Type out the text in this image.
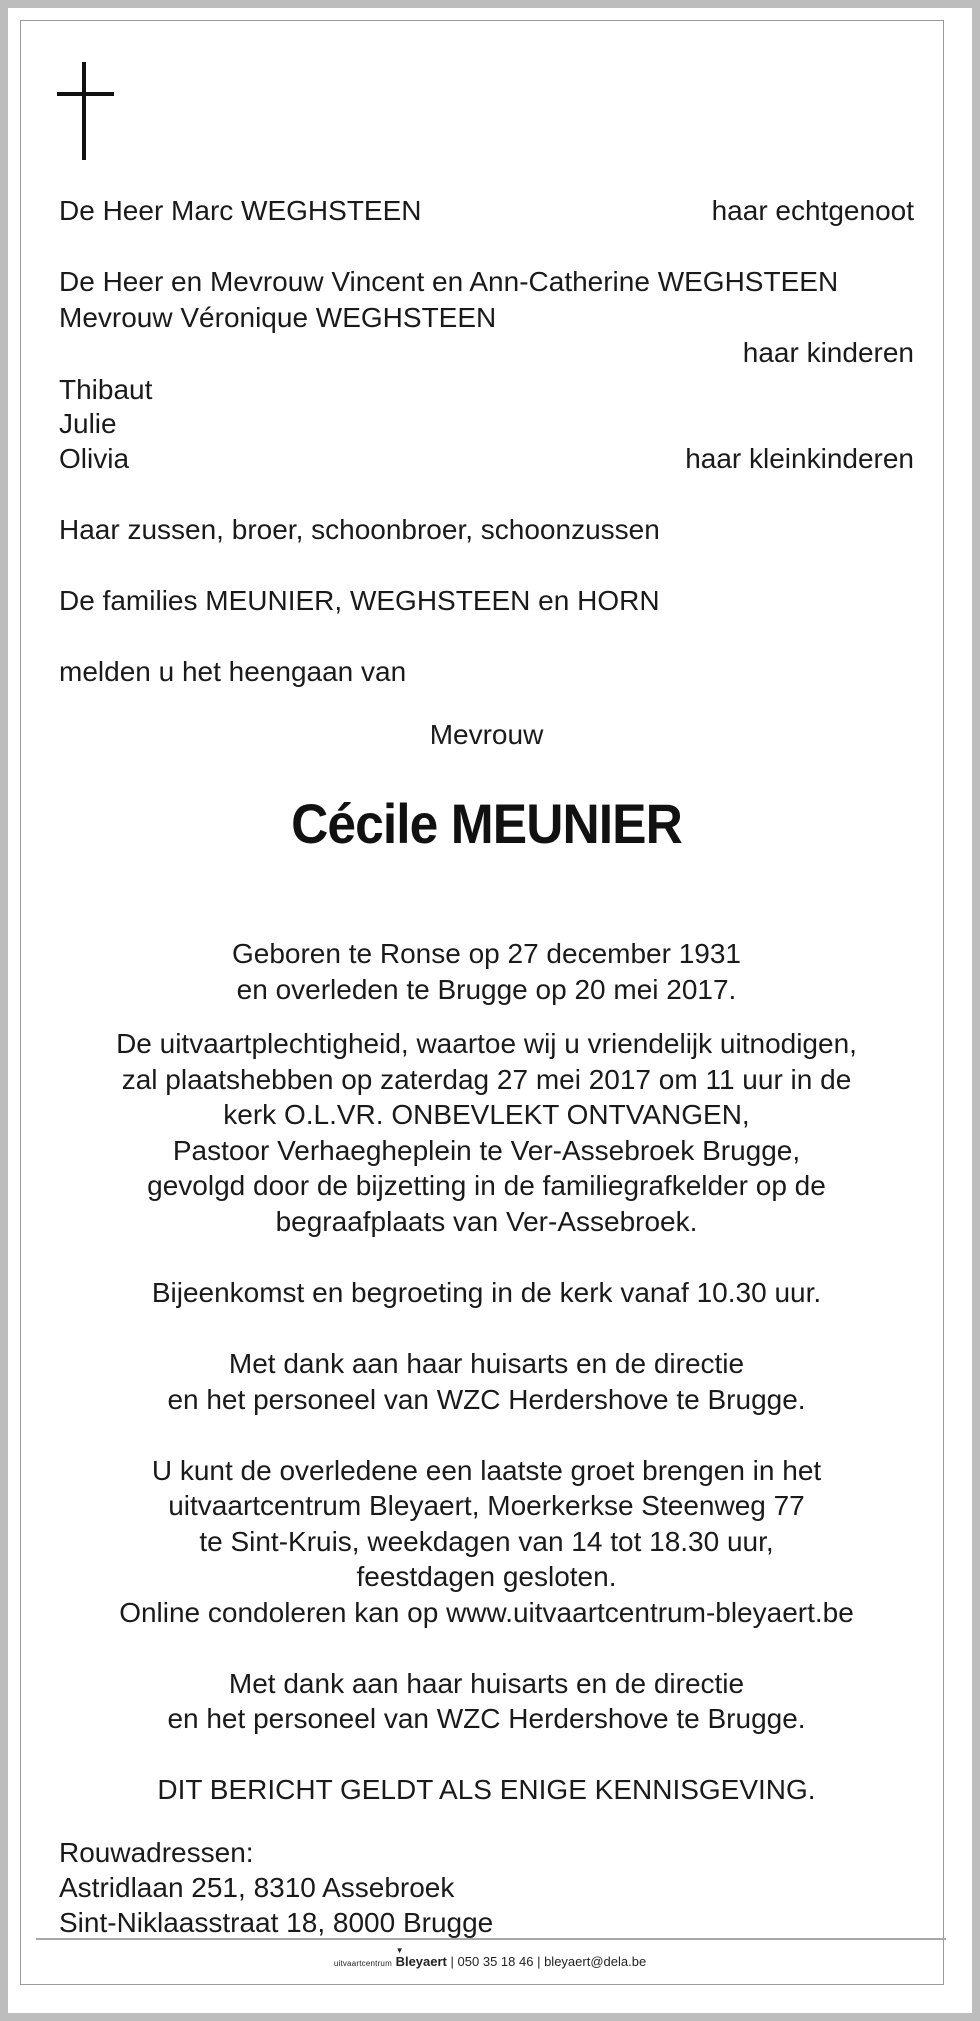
De Heer Marc WEGHSTEEN	haar echtgenoot
De Heer en Mevrouw Vincent en Ann-Catherine WEGHSTEEN
Mevrouw Véronique WEGHSTEEN
haar kinderen
Thibaut
Julie
Olivia	haar kleinkinderen
Haar zussen, broer, schoonbroer, schoonzussen
De families MEUNIER, WEGHSTEEN en HORN
melden u het heengaan van
Mevrouw
Cécile MEUNIER
Geboren te Ronse op 27 december 1931
en overleden te Brugge op 20 mei 2017.
De uitvaartplechtigheid, waartoe wij u vriendelijk uitnodigen,
zal plaatshebben op zaterdag 27 mei 2017 om 11 uur in de
kerk O.L.VR. ONBEVLEKT ONTVANGEN,
Pastoor Verhaegheplein te Ver-Assebroek Brugge,
gevolgd door de bijzetting in de familiegrafkelder op de
begraafplaats van Ver-Assebroek.
Bijeenkomst en begroeting in de kerk vanaf 10.30 uur.
Met dank aan haar huisarts en de directie
en het personeel van WZC Herdershove te Brugge.
U kunt de overledene een laatste groet brengen in het
uitvaartcentrum Bleyaert, Moerkerkse Steenweg 77
te Sint-Kruis, weekdagen van 14 tot 18.30 uur,
feestdagen gesloten.
Online condoleren kan op www.uitvaartcentrum-bleyaert.be
Met dank aan haar huisarts en de directie
en het personeel van WZC Herdershove te Brugge.
DIT BERICHT GELDT ALS ENIGE KENNISGEVING.
Rouwadressen:
Astridlaan 251, 8310 Assebroek
Sint-Niklaasstraat 18, 8000 Brugge
uitvaartcentrum
▼
Bleyaert | 050 35 18 46 | bleyaert@dela.be
